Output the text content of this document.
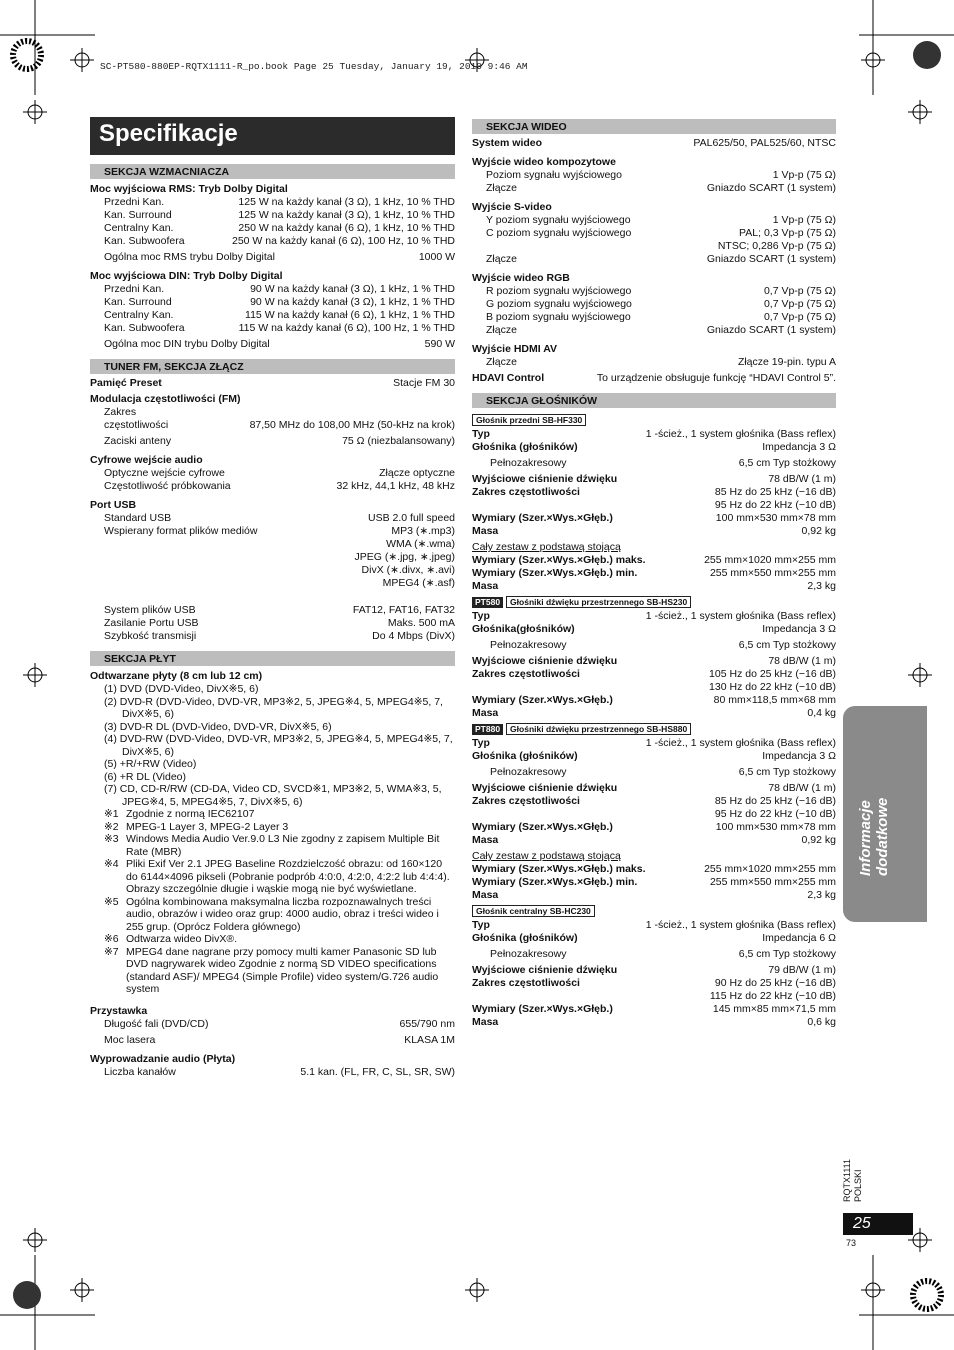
SC-PT580-880EP-RQTX1111-R_po.book Page 25 Tuesday, January 19, 2010 9:46 AM
Specifikacje
SEKCJA WZMACNIACZA
Moc wyjściowa RMS: Tryb Dolby Digital
Przedni Kan.	125 W na każdy kanał (3 Ω), 1 kHz, 10 % THD
Kan. Surround	125 W na każdy kanał (3 Ω), 1 kHz, 10 % THD
Centralny Kan.	250 W na każdy kanał (6 Ω), 1 kHz, 10 % THD
Kan. Subwoofera	250 W na każdy kanał (6 Ω), 100 Hz, 10 % THD
Ogólna moc RMS trybu Dolby Digital	1000 W
Moc wyjściowa DIN: Tryb Dolby Digital
Przedni Kan.	90 W na każdy kanał (3 Ω), 1 kHz, 1 % THD
Kan. Surround	90 W na każdy kanał (3 Ω), 1 kHz, 1 % THD
Centralny Kan.	115 W na każdy kanał (6 Ω), 1 kHz, 1 % THD
Kan. Subwoofera	115 W na każdy kanał (6 Ω), 100 Hz, 1 % THD
Ogólna moc DIN trybu Dolby Digital	590 W
TUNER FM, SEKCJA ZŁĄCZ
Pamięć Preset	Stacje FM 30
Modulacja częstotliwości (FM)
Zakres
częstotliwości	87,50 MHz do 108,00 MHz (50-kHz na krok)
Zaciski anteny	75 Ω (niezbalansowany)
Cyfrowe wejście audio
Optyczne wejście cyfrowe	Złącze optyczne
Częstotliwość próbkowania	32 kHz, 44,1 kHz, 48 kHz
Port USB
Standard USB	USB 2.0 full speed
Wspierany format plików mediów	MP3 (∗.mp3)
WMA (∗.wma)
JPEG (∗.jpg, ∗.jpeg)
DivX (∗.divx, ∗.avi)
MPEG4 (∗.asf)
System plików USB	FAT12, FAT16, FAT32
Zasilanie Portu USB	Maks. 500 mA
Szybkość transmisji	Do 4 Mbps (DivX)
SEKCJA PŁYT
Odtwarzane płyty (8 cm lub 12 cm)
(1) DVD (DVD-Video, DivX※5, 6)
(2) DVD-R (DVD-Video, DVD-VR, MP3※2, 5, JPEG※4, 5, MPEG4※5, 7,
DivX※5, 6)
(3) DVD-R DL (DVD-Video, DVD-VR, DivX※5, 6)
(4) DVD-RW (DVD-Video, DVD-VR, MP3※2, 5, JPEG※4, 5, MPEG4※5, 7,
DivX※5, 6)
(5) +R/+RW (Video)
(6) +R DL (Video)
(7) CD, CD-R/RW (CD-DA, Video CD, SVCD※1, MP3※2, 5, WMA※3, 5,
JPEG※4, 5, MPEG4※5, 7, DivX※5, 6)
※1 Zgodnie z normą IEC62107
※2 MPEG-1 Layer 3, MPEG-2 Layer 3
※3 Windows Media Audio Ver.9.0 L3 Nie zgodny z zapisem Multiple Bit Rate (MBR)
※4 Pliki Exif Ver 2.1 JPEG Baseline Rozdzielczość obrazu: od 160×120 do 6144×4096 pikseli (Pobranie podprób 4:0:0, 4:2:0, 4:2:2 lub 4:4:4). Obrazy szczególnie długie i wąskie mogą nie być wyświetlane.
※5 Ogólna kombinowana maksymalna liczba rozpoznawalnych treści audio, obrazów i wideo oraz grup: 4000 audio, obraz i treści wideo i 255 grup. (Oprócz Foldera głównego)
※6 Odtwarza wideo DivX®.
※7 MPEG4 dane nagrane przy pomocy multi kamer Panasonic SD lub DVD nagrywarek wideo Zgodnie z normą SD VIDEO specifications (standard ASF)/ MPEG4 (Simple Profile) video system/G.726 audio system
Przystawka
Długość fali (DVD/CD)	655/790 nm
Moc lasera	KLASA 1M
Wyprowadzanie audio (Płyta)
Liczba kanałów	5.1 kan. (FL, FR, C, SL, SR, SW)
SEKCJA WIDEO
System wideo	PAL625/50, PAL525/60, NTSC
Wyjście wideo kompozytowe
Poziom sygnału wyjściowego	1 Vp-p (75 Ω)
Złącze	Gniazdo SCART (1 system)
Wyjście S-video
Y poziom sygnału wyjściowego	1 Vp-p (75 Ω)
C poziom sygnału wyjściowego	PAL; 0,3 Vp-p (75 Ω)
NTSC; 0,286 Vp-p (75 Ω)
Złącze	Gniazdo SCART (1 system)
Wyjście wideo RGB
R poziom sygnału wyjściowego	0,7 Vp-p (75 Ω)
G poziom sygnału wyjściowego	0,7 Vp-p (75 Ω)
B poziom sygnału wyjściowego	0,7 Vp-p (75 Ω)
Złącze	Gniazdo SCART (1 system)
Wyjście HDMI AV
Złącze	Złącze 19-pin. typu A
HDAVI Control	To urządzenie obsługuje funkcję “HDAVI Control 5”.
SEKCJA GŁOŚNIKÓW
Głośnik przedni SB-HF330
Typ	1 -ścież., 1 system głośnika (Bass reflex)
Głośnika (głośników)	Impedancja 3 Ω
Pełnozakresowy	6,5 cm Typ stożkowy
Wyjściowe ciśnienie dźwięku	78 dB/W (1 m)
Zakres częstotliwości	85 Hz do 25 kHz (−16 dB)
95 Hz do 22 kHz (−10 dB)
Wymiary (Szer.×Wys.×Głęb.)	100 mm×530 mm×78 mm
Masa	0,92 kg
Cały zestaw z podstawą stojącą
Wymiary (Szer.×Wys.×Głęb.) maks.	255 mm×1020 mm×255 mm
Wymiary (Szer.×Wys.×Głęb.) min.	255 mm×550 mm×255 mm
Masa	2,3 kg
PT580 Głośniki dźwięku przestrzennego SB-HS230
Typ	1 -ścież., 1 system głośnika (Bass reflex)
Głośnika(głośników)	Impedancja 3 Ω
Pełnozakresowy	6,5 cm Typ stożkowy
Wyjściowe ciśnienie dźwięku	78 dB/W (1 m)
Zakres częstotliwości	105 Hz do 25 kHz (−16 dB)
130 Hz do 22 kHz (−10 dB)
Wymiary (Szer.×Wys.×Głęb.)	80 mm×118,5 mm×68 mm
Masa	0,4 kg
PT880 Głośniki dźwięku przestrzennego SB-HS880
Typ	1 -ścież., 1 system głośnika (Bass reflex)
Głośnika (głośników)	Impedancja 3 Ω
Pełnozakresowy	6,5 cm Typ stożkowy
Wyjściowe ciśnienie dźwięku	78 dB/W (1 m)
Zakres częstotliwości	85 Hz do 25 kHz (−16 dB)
95 Hz do 22 kHz (−10 dB)
Wymiary (Szer.×Wys.×Głęb.)	100 mm×530 mm×78 mm
Masa	0,92 kg
Cały zestaw z podstawą stojącą
Wymiary (Szer.×Wys.×Głęb.) maks.	255 mm×1020 mm×255 mm
Wymiary (Szer.×Wys.×Głęb.) min.	255 mm×550 mm×255 mm
Masa	2,3 kg
Głośnik centralny SB-HC230
Typ	1 -ścież., 1 system głośnika (Bass reflex)
Głośnika (głośników)	Impedancja 6 Ω
Pełnozakresowy	6,5 cm Typ stożkowy
Wyjściowe ciśnienie dźwięku	79 dB/W (1 m)
Zakres częstotliwości	90 Hz do 25 kHz (−16 dB)
115 Hz do 22 kHz (−10 dB)
Wymiary (Szer.×Wys.×Głęb.)	145 mm×85 mm×71,5 mm
Masa	0,6 kg
Informacje dodatkowe
RQTX1111 POLSKI
25
73
